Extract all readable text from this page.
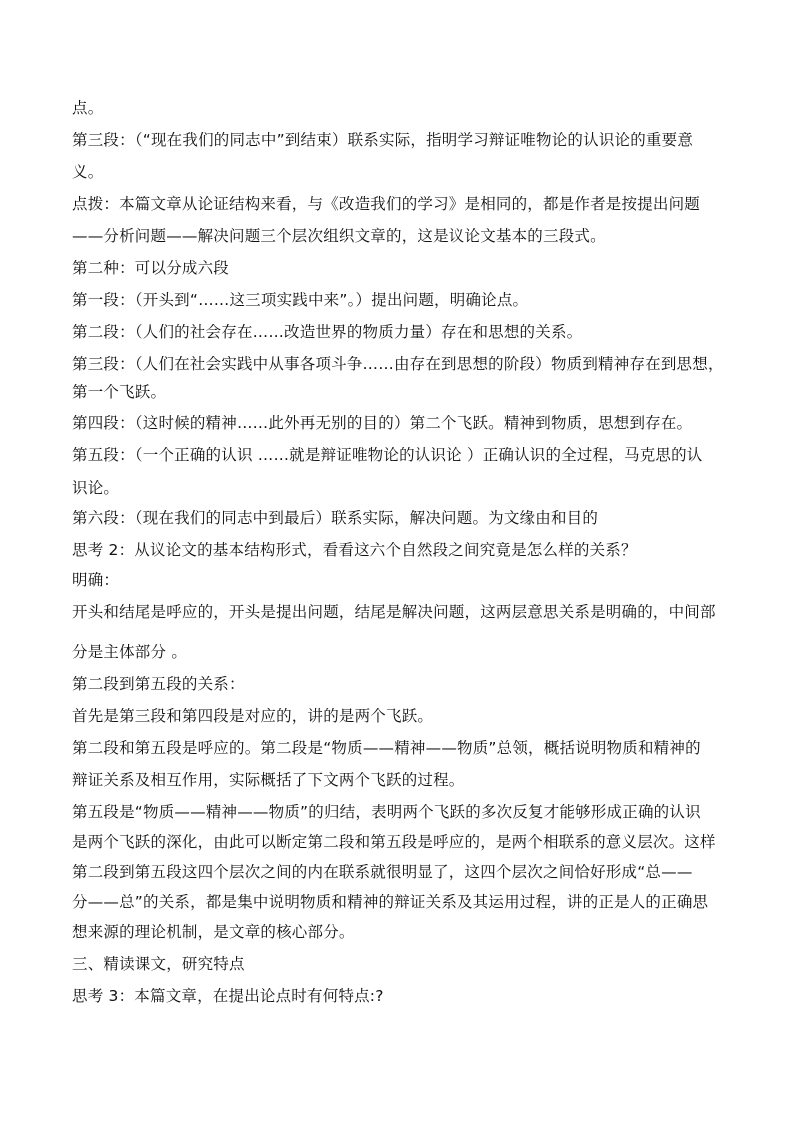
点。
第三段：（“现在我们的同志中”到结束）联系实际，指明学习辩证唯物论的认识论的重要意
义。
点拨：本篇文章从论证结构来看，与《改造我们的学习》是相同的，都是作者是按提出问题
——分析问题——解决问题三个层次组织文章的，这是议论文基本的三段式。
第二种：可以分成六段
第一段：（开头到“……这三项实践中来”。）提出问题，明确论点。
第二段：（人们的社会存在……改造世界的物质力量）存在和思想的关系。
第三段：（人们在社会实践中从事各项斗争……由存在到思想的阶段）物质到精神存在到思想，
第一个飞跃。
第四段：（这时候的精神……此外再无别的目的）第二个飞跃。精神到物质，思想到存在。
第五段：（一个正确的认识 ……就是辩证唯物论的认识论 ）正确认识的全过程，马克思的认
识论。
第六段：（现在我们的同志中到最后）联系实际，解决问题。为文缘由和目的
思考 2：从议论文的基本结构形式，看看这六个自然段之间究竟是怎么样的关系？
明确：
开头和结尾是呼应的，开头是提出问题，结尾是解决问题，这两层意思关系是明确的，中间部
分是主体部分 。
第二段到第五段的关系：
首先是第三段和第四段是对应的，讲的是两个飞跃。
第二段和第五段是呼应的。第二段是“物质——精神——物质”总领，概括说明物质和精神的
辩证关系及相互作用，实际概括了下文两个飞跃的过程。
第五段是“物质——精神——物质”的归结，表明两个飞跃的多次反复才能够形成正确的认识
是两个飞跃的深化，由此可以断定第二段和第五段是呼应的，是两个相联系的意义层次。这样
第二段到第五段这四个层次之间的内在联系就很明显了，这四个层次之间恰好形成“总——
分——总”的关系，都是集中说明物质和精神的辩证关系及其运用过程，讲的正是人的正确思
想来源的理论机制，是文章的核心部分。
三、精读课文，研究特点
思考 3：本篇文章，在提出论点时有何特点:?
